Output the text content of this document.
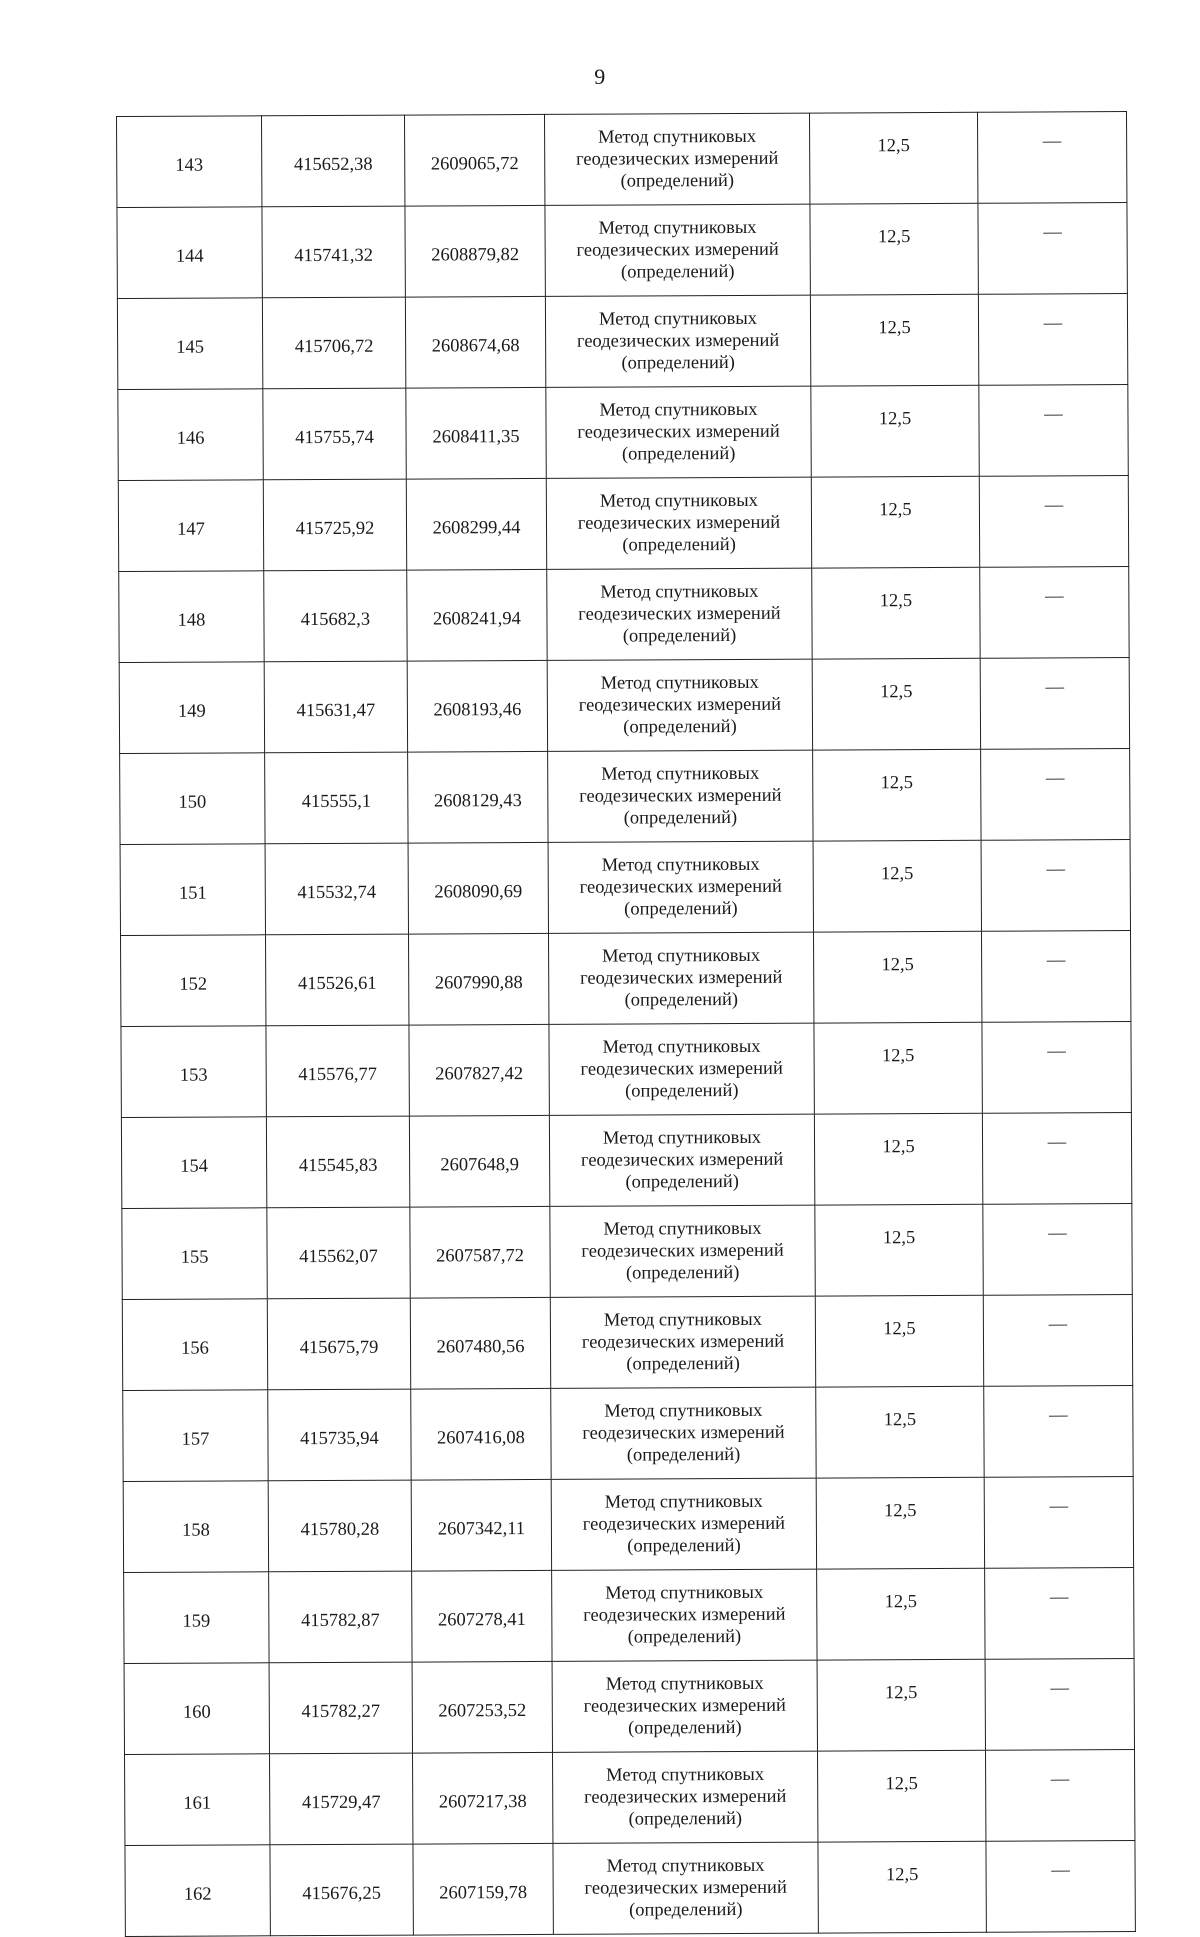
9
143	415652,38	2609065,72	Метод спутниковых
геодезических измерений
(определений)	12,5	—
144	415741,32	2608879,82	Метод спутниковых
геодезических измерений
(определений)	12,5	—
145	415706,72	2608674,68	Метод спутниковых
геодезических измерений
(определений)	12,5	—
146	415755,74	2608411,35	Метод спутниковых
геодезических измерений
(определений)	12,5	—
147	415725,92	2608299,44	Метод спутниковых
геодезических измерений
(определений)	12,5	—
148	415682,3	2608241,94	Метод спутниковых
геодезических измерений
(определений)	12,5	—
149	415631,47	2608193,46	Метод спутниковых
геодезических измерений
(определений)	12,5	—
150	415555,1	2608129,43	Метод спутниковых
геодезических измерений
(определений)	12,5	—
151	415532,74	2608090,69	Метод спутниковых
геодезических измерений
(определений)	12,5	—
152	415526,61	2607990,88	Метод спутниковых
геодезических измерений
(определений)	12,5	—
153	415576,77	2607827,42	Метод спутниковых
геодезических измерений
(определений)	12,5	—
154	415545,83	2607648,9	Метод спутниковых
геодезических измерений
(определений)	12,5	—
155	415562,07	2607587,72	Метод спутниковых
геодезических измерений
(определений)	12,5	—
156	415675,79	2607480,56	Метод спутниковых
геодезических измерений
(определений)	12,5	—
157	415735,94	2607416,08	Метод спутниковых
геодезических измерений
(определений)	12,5	—
158	415780,28	2607342,11	Метод спутниковых
геодезических измерений
(определений)	12,5	—
159	415782,87	2607278,41	Метод спутниковых
геодезических измерений
(определений)	12,5	—
160	415782,27	2607253,52	Метод спутниковых
геодезических измерений
(определений)	12,5	—
161	415729,47	2607217,38	Метод спутниковых
геодезических измерений
(определений)	12,5	—
162	415676,25	2607159,78	Метод спутниковых
геодезических измерений
(определений)	12,5	—
